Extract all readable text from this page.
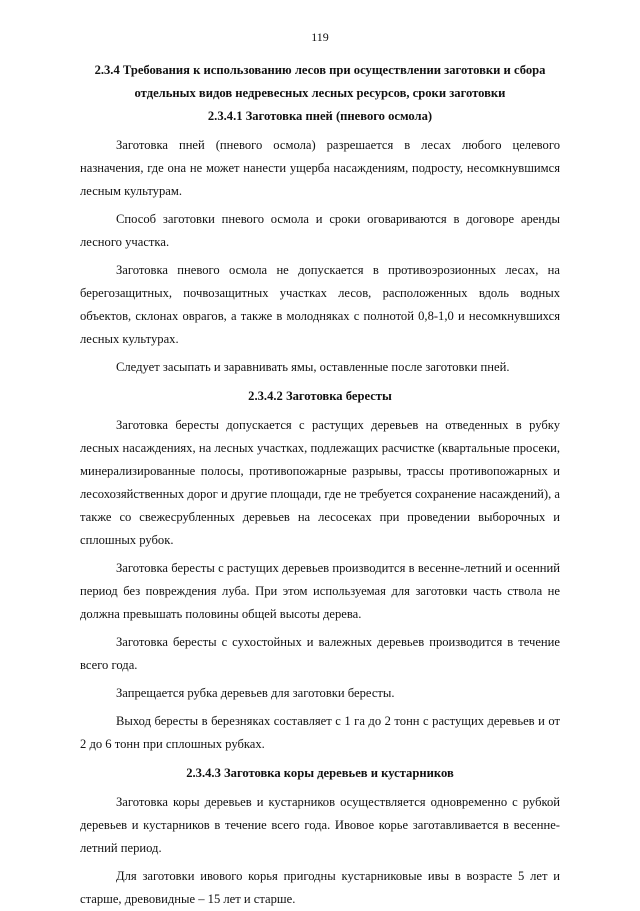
119

2.3.4 Требования к использованию лесов при осуществлении заготовки и сбора отдельных видов недревесных лесных ресурсов, сроки заготовки

2.3.4.1 Заготовка пней (пневого осмола)

Заготовка пней (пневого осмола) разрешается в лесах любого целевого назначения, где она не может нанести ущерба насаждениям, подросту, несомкнувшимся лесным культурам.

Способ заготовки пневого осмола и сроки оговариваются в договоре аренды лесного участка.

Заготовка пневого осмола не допускается в противоэрозионных лесах, на берегозащитных, почвозащитных участках лесов, расположенных вдоль водных объектов, склонах оврагов, а также в молодняках с полнотой 0,8-1,0 и несомкнувшихся лесных культурах.

Следует засыпать и заравнивать ямы, оставленные после заготовки пней.

2.3.4.2 Заготовка бересты

Заготовка бересты допускается с растущих деревьев на отведенных в рубку лесных насаждениях, на лесных участках, подлежащих расчистке (квартальные просеки, минерализированные полосы, противопожарные разрывы, трассы противопожарных и лесохозяйственных дорог и другие площади, где не требуется сохранение насаждений), а также со свежесрубленных деревьев на лесосеках при проведении выборочных и сплошных рубок.

Заготовка бересты с растущих деревьев производится в весенне-летний и осенний период без повреждения луба. При этом используемая для заготовки часть ствола не должна превышать половины общей высоты дерева.

Заготовка бересты с сухостойных и валежных деревьев производится в течение всего года.

Запрещается рубка деревьев для заготовки бересты.

Выход бересты в березняках составляет с 1 га до 2 тонн с растущих деревьев и от 2 до 6 тонн при сплошных рубках.

2.3.4.3 Заготовка коры деревьев и кустарников

Заготовка коры деревьев и кустарников осуществляется одновременно с рубкой деревьев и кустарников в течение всего года. Ивовое корье заготавливается в весенне-летний период.

Для заготовки ивового корья пригодны кустарниковые ивы в возрасте 5 лет и старше, древовидные – 15 лет и старше.
